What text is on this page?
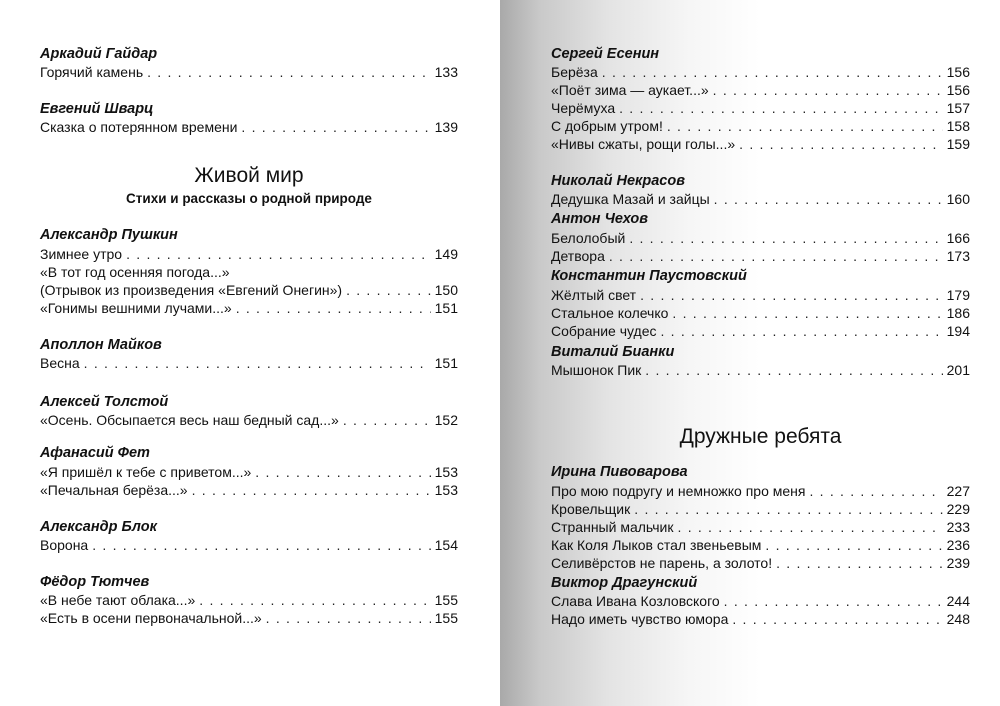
Аркадий Гайдар
Горячий камень . . .	133
Евгений Шварц
Сказка о потерянном времени . . .	139
Живой мир
Стихи и рассказы о родной природе
Александр Пушкин
Зимнее утро . . .	149
«В тот год осенняя погода...»
(Отрывок из произведения «Евгений Онегин») . . .	150
«Гонимы вешними лучами...» . . .	151
Аполлон Майков
Весна . . .	151
Алексей Толстой
«Осень. Обсыпается весь наш бедный сад...» . . .	152
Афанасий Фет
«Я пришёл к тебе с приветом...» . . .	153
«Печальная берёза...» . . .	153
Александр Блок
Ворона . . .	154
Фёдор Тютчев
«В небе тают облака...» . . .	155
«Есть в осени первоначальной...» . . .	155
Сергей Есенин
Берёза . . .	156
«Поёт зима — аукает...» . . .	156
Черёмуха . . .	157
С добрым утром! . . .	158
«Нивы сжаты, рощи голы...» . . .	159
Николай Некрасов
Дедушка Мазай и зайцы . . .	160
Антон Чехов
Белолобый . . .	166
Детвора . . .	173
Константин Паустовский
Жёлтый свет . . .	179
Стальное колечко . . .	186
Собрание чудес . . .	194
Виталий Бианки
Мышонок Пик . . .	201
Дружные ребята
Ирина Пивоварова
Про мою подругу и немножко про меня . . .	227
Кровельщик . . .	229
Странный мальчик . . .	233
Как Коля Лыков стал звеньевым . . .	236
Селивёрстов не парень, а золото! . . .	239
Виктор Драгунский
Слава Ивана Козловского . . .	244
Надо иметь чувство юмора . . .	248
